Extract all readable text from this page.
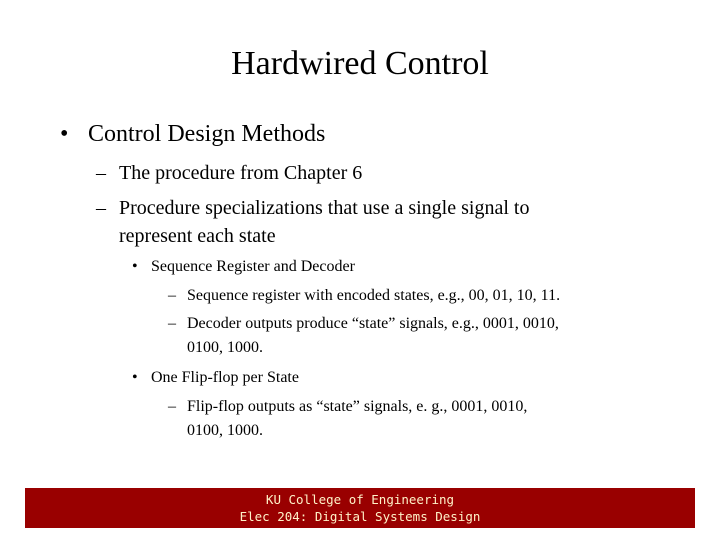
Hardwired Control
• Control Design Methods
– The procedure from Chapter 6
– Procedure specializations that use a single signal to
represent each state
• Sequence Register and Decoder
– Sequence register with encoded states, e.g., 00, 01, 10, 11.
– Decoder outputs produce “state” signals, e.g., 0001, 0010,
0100, 1000.
• One Flip-flop per State
– Flip-flop outputs as “state” signals, e. g., 0001, 0010,
0100, 1000.
KU College of Engineering
Elec 204: Digital Systems Design
